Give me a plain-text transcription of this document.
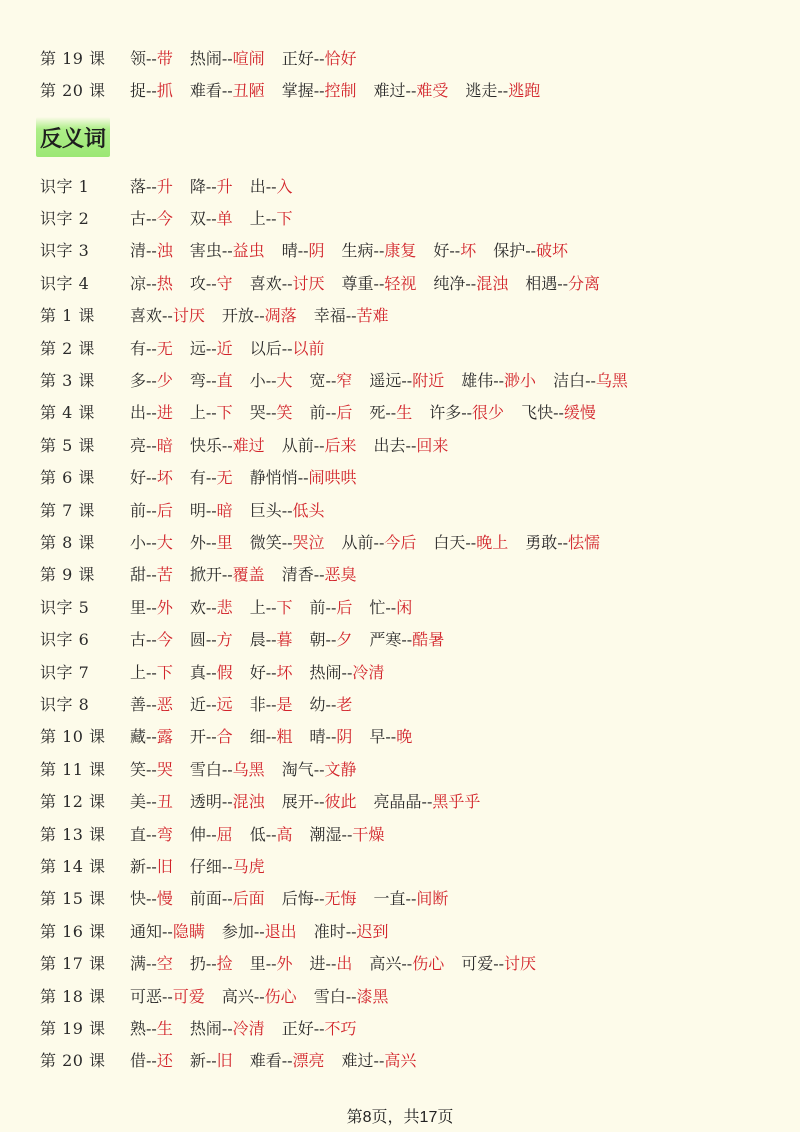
第 19 课	领--带 热闹--喧闹 正好--恰好
第 20 课	捉--抓 难看--丑陋 掌握--控制 难过--难受 逃走--逃跑
反义词
识字 1	落--升 降--升 出--入
识字 2	古--今 双--单 上--下
识字 3	清--浊 害虫--益虫 晴--阴 生病--康复 好--坏 保护--破坏
识字 4	凉--热 攻--守 喜欢--讨厌 尊重--轻视 纯净--混浊 相遇--分离
第 1 课	喜欢--讨厌 开放--凋落 幸福--苦难
第 2 课	有--无 远--近 以后--以前
第 3 课	多--少 弯--直 小--大 宽--窄 遥远--附近 雄伟--渺小 洁白--乌黑
第 4 课	出--进 上--下 哭--笑 前--后 死--生 许多--很少 飞快--缓慢
第 5 课	亮--暗 快乐--难过 从前--后来 出去--回来
第 6 课	好--坏 有--无 静悄悄--闹哄哄
第 7 课	前--后 明--暗 巨头--低头
第 8 课	小--大 外--里 微笑--哭泣 从前--今后 白天--晚上 勇敢--怯懦
第 9 课	甜--苦 掀开--覆盖 清香--恶臭
识字 5	里--外 欢--悲 上--下 前--后 忙--闲
识字 6	古--今 圆--方 晨--暮 朝--夕 严寒--酷暑
识字 7	上--下 真--假 好--坏 热闹--冷清
识字 8	善--恶 近--远 非--是 幼--老
第 10 课	藏--露 开--合 细--粗 晴--阴 早--晚
第 11 课	笑--哭 雪白--乌黑 淘气--文静
第 12 课	美--丑 透明--混浊 展开--彼此 亮晶晶--黑乎乎
第 13 课	直--弯 伸--屈 低--高 潮湿--干燥
第 14 课	新--旧 仔细--马虎
第 15 课	快--慢 前面--后面 后悔--无悔 一直--间断
第 16 课	通知--隐瞒 参加--退出 准时--迟到
第 17 课	满--空 扔--捡 里--外 进--出 高兴--伤心 可爱--讨厌
第 18 课	可恶--可爱 高兴--伤心 雪白--漆黑
第 19 课	熟--生 热闹--冷清 正好--不巧
第 20 课	借--还 新--旧 难看--漂亮 难过--高兴
第8页，共17页
